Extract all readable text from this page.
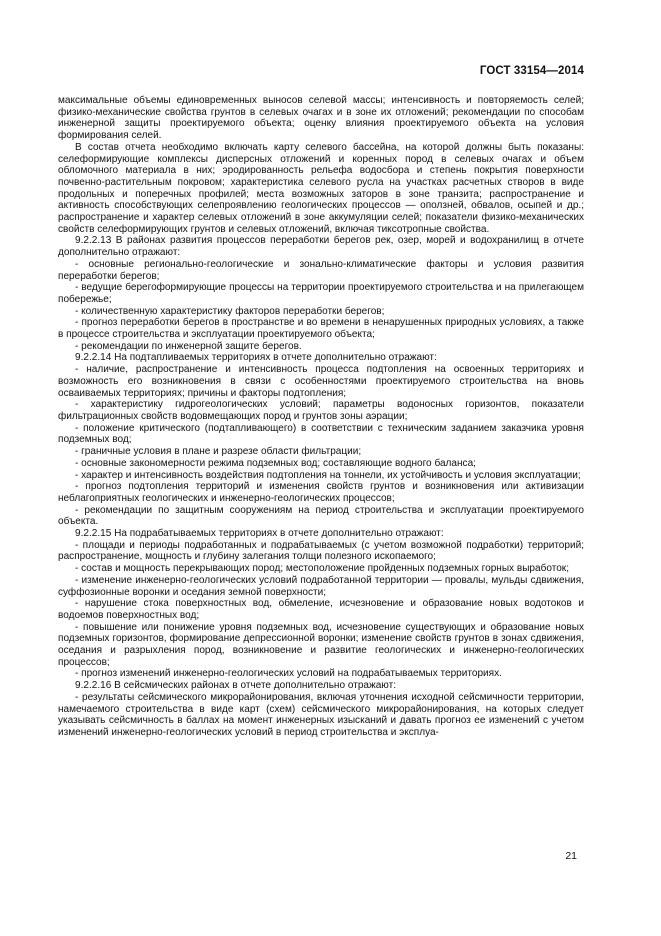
ГОСТ 33154—2014

максимальные объемы единовременных выносов селевой массы; интенсивность и повторяемость селей; физико-механические свойства грунтов в селевых очагах и в зоне их отложений; рекомендации по способам инженерной защиты проектируемого объекта; оценку влияния проектируемого объекта на условия формирования селей.

В состав отчета необходимо включать карту селевого бассейна, на которой должны быть показаны: селеформирующие комплексы дисперсных отложений и коренных пород в селевых очагах и объем обломочного материала в них; эродированность рельефа водосбора и степень покрытия поверхности почвенно-растительным покровом; характеристика селевого русла на участках расчетных створов в виде продольных и поперечных профилей; места возможных заторов в зоне транзита; распространение и активность способствующих селепроявлению геологических процессов — оползней, обвалов, осыпей и др.; распространение и характер селевых отложений в зоне аккумуляции селей; показатели физико-механических свойств селеформирующих грунтов и селевых отложений, включая тиксотропные свойства.

9.2.2.13 В районах развития процессов переработки берегов рек, озер, морей и водохранилищ в отчете дополнительно отражают:

- основные регионально-геологические и зонально-климатические факторы и условия развития переработки берегов;

- ведущие берегоформирующие процессы на территории проектируемого строительства и на прилегающем побережье;

- количественную характеристику факторов переработки берегов;

- прогноз переработки берегов в пространстве и во времени в ненарушенных природных условиях, а также в процессе строительства и эксплуатации проектируемого объекта;

- рекомендации по инженерной защите берегов.

9.2.2.14 На подтапливаемых территориях в отчете дополнительно отражают:

- наличие, распространение и интенсивность процесса подтопления на освоенных территориях и возможность его возникновения в связи с особенностями проектируемого строительства на вновь осваиваемых территориях; причины и факторы подтопления;

- характеристику гидрогеологических условий; параметры водоносных горизонтов, показатели фильтрационных свойств водовмещающих пород и грунтов зоны аэрации;

- положение критического (подтапливающего) в соответствии с техническим заданием заказчика уровня подземных вод;

- граничные условия в плане и разрезе области фильтрации;

- основные закономерности режима подземных вод; составляющие водного баланса;

- характер и интенсивность воздействия подтопления на тоннели, их устойчивость и условия эксплуатации;

- прогноз подтопления территорий и изменения свойств грунтов и возникновения или активизации неблагоприятных геологических и инженерно-геологических процессов;

- рекомендации по защитным сооружениям на период строительства и эксплуатации проектируемого объекта.

9.2.2.15 На подрабатываемых территориях в отчете дополнительно отражают:

- площади и периоды подработанных и подрабатываемых (с учетом возможной подработки) территорий; распространение, мощность и глубину залегания толщи полезного ископаемого;

- состав и мощность перекрывающих пород; местоположение пройденных подземных горных выработок;

- изменение инженерно-геологических условий подработанной территории — провалы, мульды сдвижения, суффозионные воронки и оседания земной поверхности;

- нарушение стока поверхностных вод, обмеление, исчезновение и образование новых водотоков и водоемов поверхностных вод;

- повышение или понижение уровня подземных вод, исчезновение существующих и образование новых подземных горизонтов, формирование депрессионной воронки; изменение свойств грунтов в зонах сдвижения, оседания и разрыхления пород, возникновение и развитие геологических и инженерно-геологических процессов;

- прогноз изменений инженерно-геологических условий на подрабатываемых территориях.

9.2.2.16 В сейсмических районах в отчете дополнительно отражают:

- результаты сейсмического микрорайонирования, включая уточнения исходной сейсмичности территории, намечаемого строительства в виде карт (схем) сейсмического микрорайонирования, на которых следует указывать сейсмичность в баллах на момент инженерных изысканий и давать прогноз ее изменений с учетом изменений инженерно-геологических условий в период строительства и эксплуа-

21
